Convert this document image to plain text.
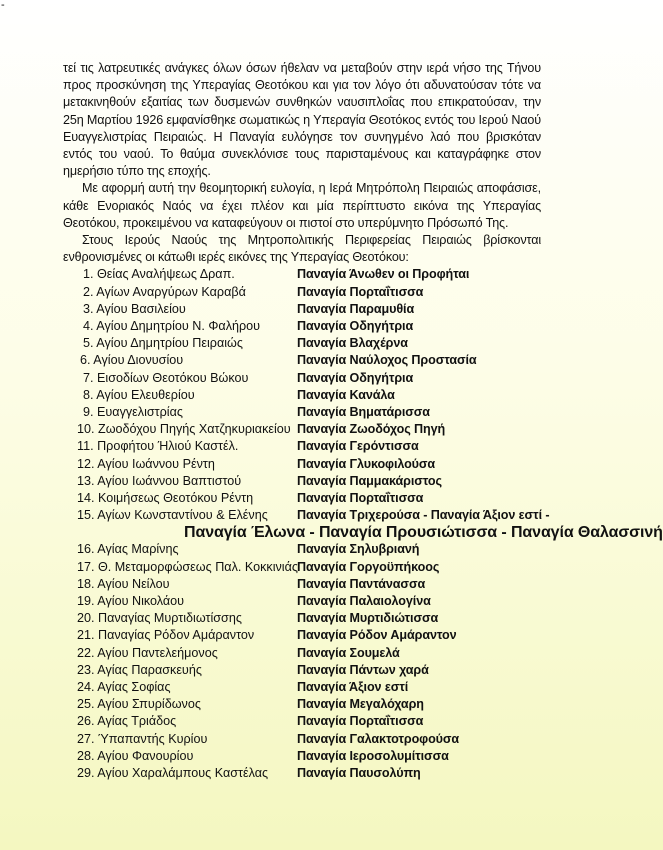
-

τεί τις λατρευτικές ανάγκες όλων όσων ήθελαν να μεταβούν στην ιερά νήσο της Τήνου προς προσκύνηση της Υπεραγίας Θεοτόκου και για τον λόγο ότι αδυνατούσαν τότε να μετακινηθούν εξαιτίας των δυσμενών συνθηκών ναυσιπλοΐας που επικρατούσαν, την 25η Μαρτίου 1926 εμφανίσθηκε σωματικώς η Υπεραγία Θεοτόκος εντός του Ιερού Ναού Ευαγγελιστρίας Πειραιώς. Η Παναγία ευλόγησε τον συνηγμένο λαό που βρισκόταν εντός του ναού. Το θαύμα συνεκλόνισε τους παρισταμένους και καταγράφηκε στον ημερήσιο τύπο της εποχής.

Με αφορμή αυτή την θεομητορική ευλογία, η Ιερά Μητρόπολη Πειραιώς αποφάσισε, κάθε Ενοριακός Ναός να έχει πλέον και μία περίπτυστο εικόνα της Υπεραγίας Θεοτόκου, προκειμένου να καταφεύγουν οι πιστοί στο υπερύμνητο Πρόσωπό Της.

Στους Ιερούς Ναούς της Μητροπολιτικής Περιφερείας Πειραιώς βρίσκονται ενθρονισμένες οι κάτωθι ιερές εικόνες της Υπεραγίας Θεοτόκου:

1. Θείας Αναλήψεως Δραπ.	Παναγία Άνωθεν οι Προφήται
2. Αγίων Αναργύρων Καραβά	Παναγία Πορταΐτισσα
3. Αγίου Βασιλείου	Παναγία Παραμυθία
4. Αγίου Δημητρίου Ν. Φαλήρου	Παναγία Οδηγήτρια
5. Αγίου Δημητρίου Πειραιώς	Παναγία Βλαχέρνα
6. Αγίου Διονυσίου	Παναγία Ναύλοχος Προστασία
7. Εισοδίων Θεοτόκου Βώκου	Παναγία Οδηγήτρια
8. Αγίου Ελευθερίου	Παναγία Κανάλα
9. Ευαγγελιστρίας	Παναγία Βηματάρισσα
10. Ζωοδόχου Πηγής Χατζηκυριακείου Παναγία Ζωοδόχος Πηγή
11. Προφήτου Ήλιού Καστέλ.	Παναγία Γερόντισσα
12. Αγίου Ιωάννου Ρέντη	Παναγία Γλυκοφιλούσα
13. Αγίου Ιωάννου Βαπτιστού	Παναγία Παμμακάριστος
14. Κοιμήσεως Θεοτόκου Ρέντη	Παναγία Πορταΐτισσα
15. Αγίων Κωνσταντίνου & Ελένης Παναγία Τριχερούσα - Παναγία Άξιον εστί -
Παναγία Έλωνα - Παναγία Προυσιώτισσα - Παναγία Θαλασσινή
16. Αγίας Μαρίνης	Παναγία Σηλυβριανή
17. Θ. Μεταμορφώσεως Παλ. Κοκκινιάς Παναγία Γοργοϋπήκοος
18. Αγίου Νείλου	Παναγία Παντάνασσα
19. Αγίου Νικολάου	Παναγία Παλαιολογίνα
20. Παναγίας Μυρτιδιωτίσσης	Παναγία Μυρτιδιώτισσα
21. Παναγίας Ρόδον Αμάραντον	Παναγία Ρόδον Αμάραντον
22. Αγίου Παντελεήμονος	Παναγία Σουμελά
23. Αγίας Παρασκευής	Παναγία Πάντων χαρά
24. Αγίας Σοφίας	Παναγία Άξιον εστί
25. Αγίου Σπυρίδωνος	Παναγία Μεγαλόχαρη
26. Αγίας Τριάδος	Παναγία Πορταΐτισσα
27. Ύπαπαντής Κυρίου	Παναγία Γαλακτοτροφούσα
28. Αγίου Φανουρίου	Παναγία Ιεροσολυμίτισσα
29. Αγίου Χαραλάμπους Καστέλας Παναγία Παυσολύπη
